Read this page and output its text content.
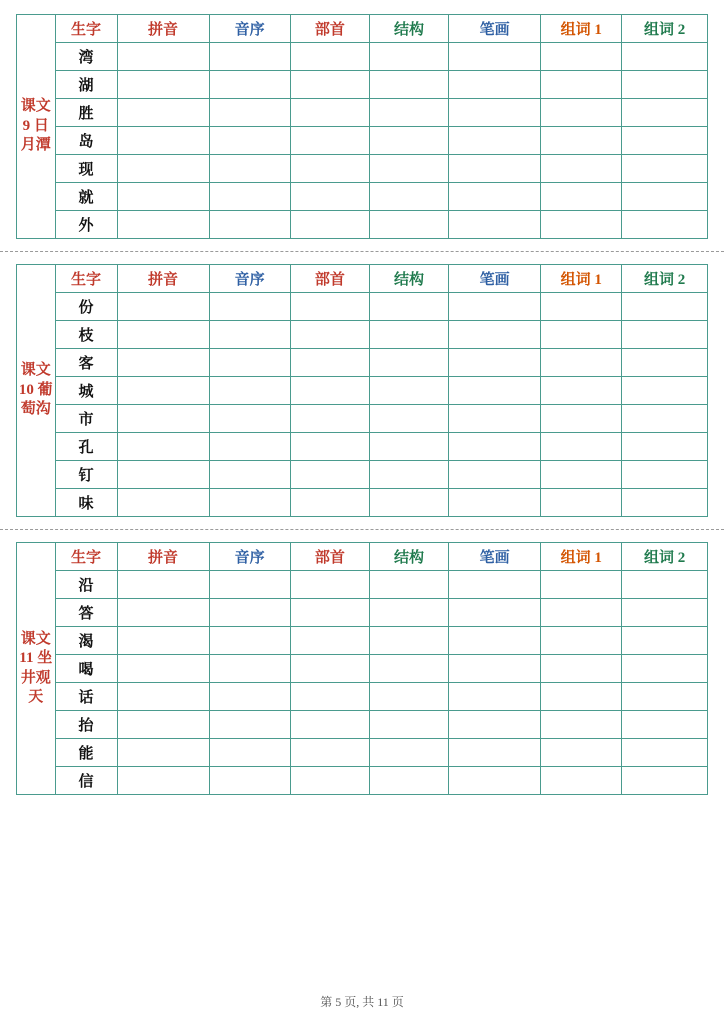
课文 9 日月潭	生字	拼音	音序	部首	结构	笔画	组词 1	组词 2
	湾							
	湖							
	胜							
	岛							
	现							
	就							
	外							
课文 10 葡萄沟	生字	拼音	音序	部首	结构	笔画	组词 1	组词 2
	份							
	枝							
	客							
	城							
	市							
	孔							
	钉							
	味							
课文 11 坐井观天	生字	拼音	音序	部首	结构	笔画	组词 1	组词 2
	沿							
	答							
	渴							
	喝							
	话							
	抬							
	能							
	信							
第 5 页, 共 11 页
